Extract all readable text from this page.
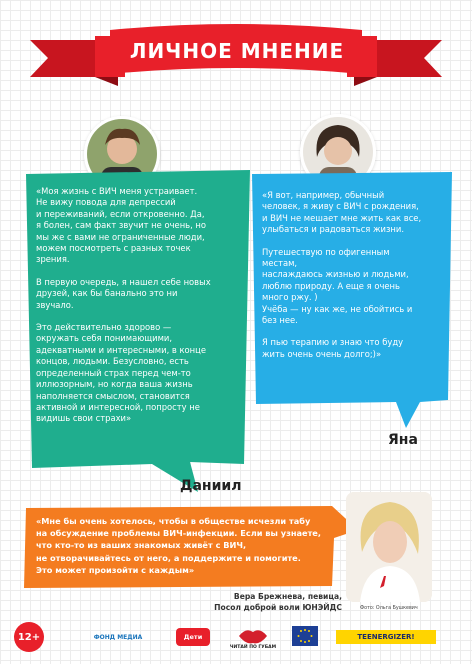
ЛИЧНОЕ МНЕНИЕ

«Моя жизнь с ВИЧ меня устраивает.
Не вижу повода для депрессий
и переживаний, если откровенно. Да,
я болен, сам факт звучит не очень, но
мы же с вами не ограниченные люди,
можем посмотреть с разных точек
зрения.

В первую очередь, я нашел себе новых
друзей, как бы банально это ни
звучало.

Это действительно здорово —
окружать себя понимающими,
адекватными и интересными, в конце
концов, людьми. Безусловно, есть
определенный страх перед чем-то
иллюзорным, но когда ваша жизнь
наполняется смыслом, становится
активной и интересной, попросту не
видишь свои страхи»

Даниил

«Я вот, например, обычный
человек, я живу с ВИЧ с рождения,
и ВИЧ не мешает мне жить как все,
улыбаться и радоваться жизни.

Путешествую по офигенным
местам,
наслаждаюсь жизнью и людьми,
люблю природу. А еще я очень
много ржу. )
Учёба — ну как же, не обойтись и
без нее.

Я пью терапию и знаю что буду
жить очень очень долго;)»

Яна
«Мне бы очень хотелось, чтобы в обществе исчезли табу
на обсуждение проблемы ВИЧ-инфекции. Если вы узнаете,
что кто-то из ваших знакомых живёт с ВИЧ,
не отворачивайтесь от него, а поддержите и помогите.
Это может произойти с каждым»
Фото: Ольга Бушкевич
Вера Брежнева, певица,
Посол доброй воли ЮНЭЙДС
12+	ФОНД МЕДИА	Дети
ЧИТАЙ ПО ГУБАМ
TEENERGIZER!
